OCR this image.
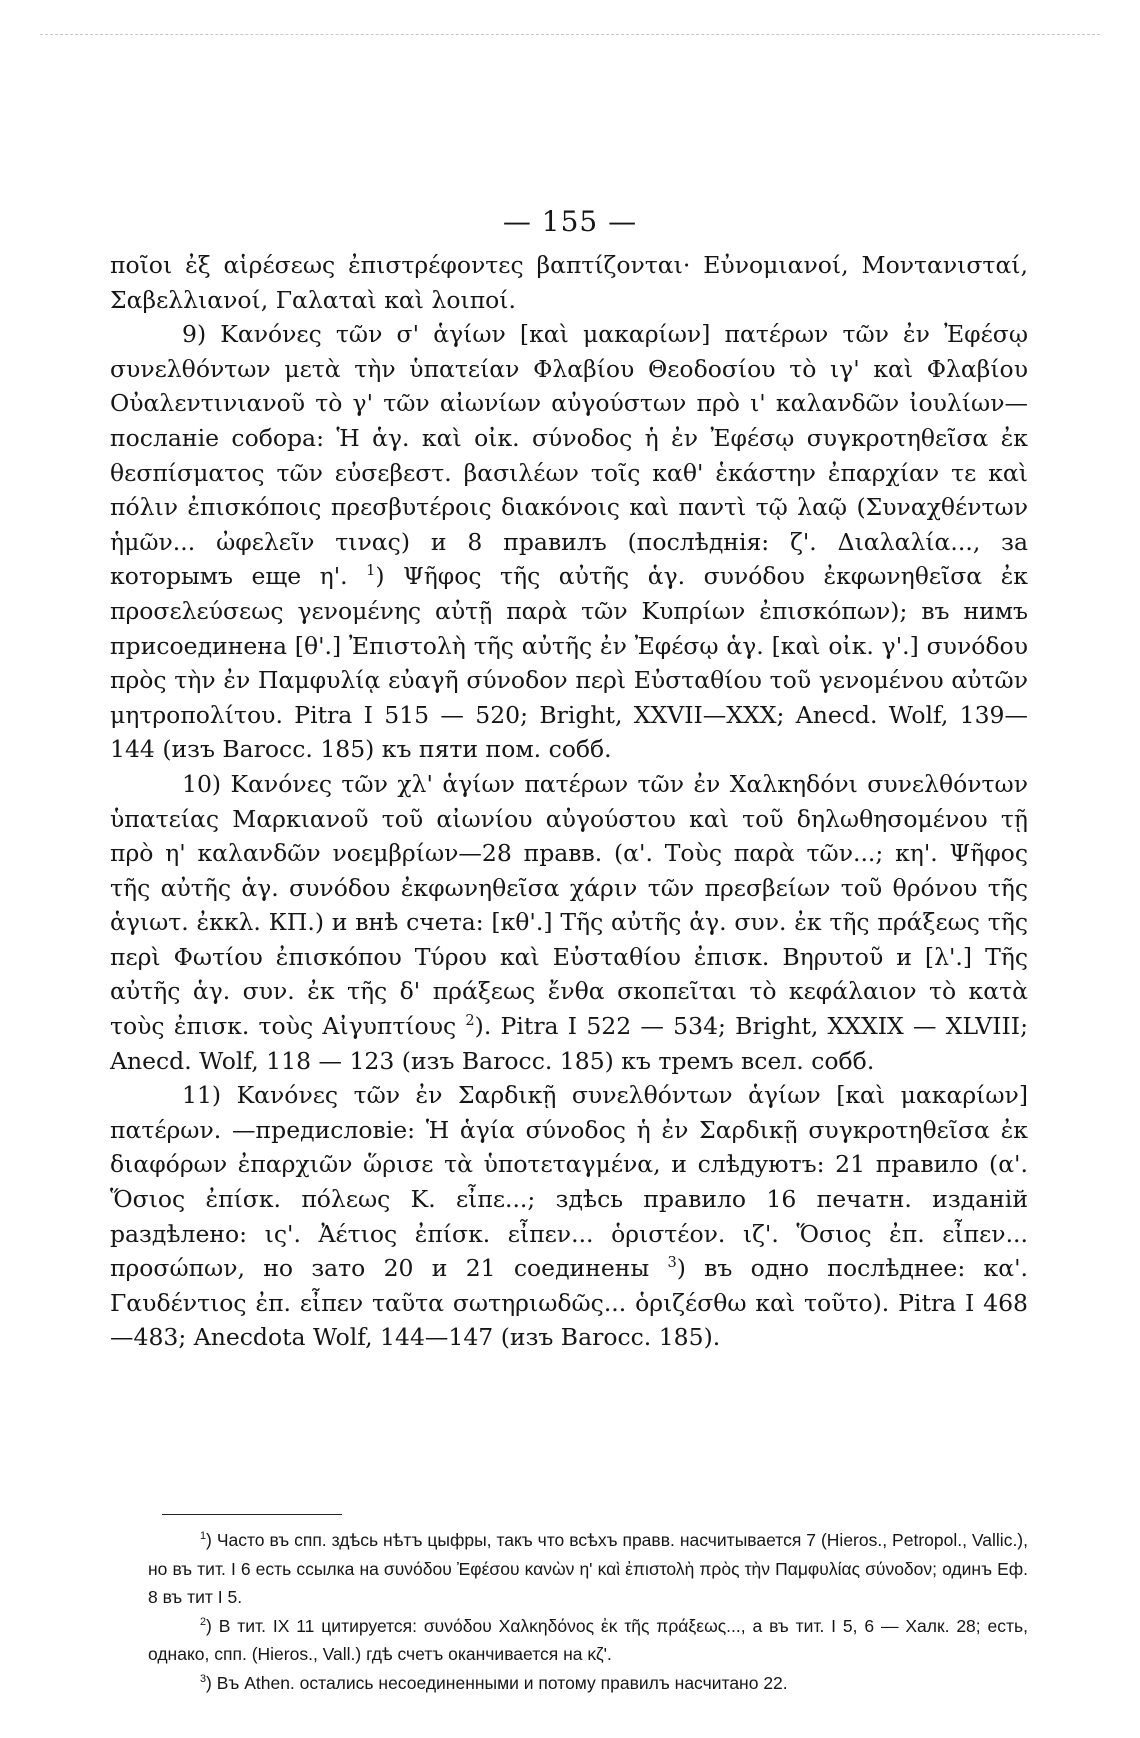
— 155 —

ποῖοι ἐξ αἱρέσεως ἐπιστρέφοντες βαπτίζονται· Εὐνομιανοί, Μοντανισταί, Σαβελλιανοί, Γαλαταὶ καὶ λοιποί.

9) Κανόνες τῶν σ' ἁγίων [καὶ μακαρίων] πατέρων τῶν ἐν Ἐφέσῳ συνελθόντων μετὰ τὴν ὑπατείαν Φλαβίου Θεοδοσίου τὸ ιγ' καὶ Φλαβίου Οὐαλεντινιανοῦ τὸ γ' τῶν αἰωνίων αὐγούστων πρὸ ι' καλανδῶν ἰουλίων— посланіе собора: Ἡ ἁγ. καὶ οἰκ. σύνοδος ἡ ἐν Ἐφέσῳ συγκροτηθεῖσα ἐκ θεσπίσματος τῶν εὐσεβεστ. βασιλέων τοῖς καθ' ἑκάστην ἐπαρχίαν τε καὶ πόλιν ἐπισκόποις πρεσβυτέροις διακόνοις καὶ παντὶ τῷ λαῷ (Συναχθέντων ἡμῶν... ὠφελεῖν τινας) и 8 правилъ (послѣднія: ζ'. Διαλαλία..., за которымъ еще η'. $^1$) Ψῆφος τῆς αὐτῆς ἁγ. συνόδου ἐκφωνηθεῖσα ἐκ προσελεύσεως γενομένης αὐτῇ παρὰ τῶν Κυπρίων ἐπισκόπων); въ нимъ присоединена [θ'.] Ἐπιστολὴ τῆς αὐτῆς ἐν Ἐφέσῳ ἁγ. [καὶ οἰκ. γ'.] συνόδου πρὸς τὴν ἐν Παμφυλίᾳ εὐαγῆ σύνοδον περὶ Εὐσταθίου τοῦ γενομένου αὐτῶν μητροπολίτου. Pitra I 515 — 520; Bright, XXVII—XXX; Anecd. Wolf, 139—144 (изъ Barocc. 185) къ пяти пом. собб.

10) Κανόνες τῶν χλ' ἁγίων πατέρων τῶν ἐν Χαλκηδόνι συνελθόντων ὑπατείας Μαρκιανοῦ τοῦ αἰωνίου αὐγούστου καὶ τοῦ δηλωθησομένου τῇ πρὸ η' καλανδῶν νοεμβρίων—28 правв. (α'. Τοὺς παρὰ τῶν...; κη'. Ψῆφος τῆς αὐτῆς ἁγ. συνόδου ἐκφωνηθεῖσα χάριν τῶν πρεσβείων τοῦ θρόνου τῆς ἁγιωτ. ἐκκλ. КП.) и внѣ счета: [κθ'.] Τῆς αὐτῆς ἁγ. συν. ἐκ τῆς πράξεως τῆς περὶ Φωτίου ἐπισκόπου Τύρου καὶ Εὐσταθίου ἐπισκ. Βηρυτοῦ и [λ'.] Τῆς αὐτῆς ἁγ. συν. ἐκ τῆς δ' πράξεως ἔνθα σκοπεῖται τὸ κεφάλαιον τὸ κατὰ τοὺς ἐπισκ. τοὺς Αἰγυπτίους $^2$). Pitra I 522 — 534; Bright, XXXIX — XLVIII; Anecd. Wolf, 118 — 123 (изъ Barocc. 185) къ тремъ всел. собб.

11) Κανόνες τῶν ἐν Σαρδικῇ συνελθόντων ἁγίων [καὶ μακαρίων] πατέρων. —предисловіе: Ἡ ἁγία σύνοδος ἡ ἐν Σαρδικῇ συγκροτηθεῖσα ἐκ διαφόρων ἐπαρχιῶν ὥρισε τὰ ὑποτεταγμένα, и слѣдуютъ: 21 правило (α'. Ὅσιος ἐπίσκ. πόλεως Κ. εἶπε...; здѣсь правило 16 печатн. изданій раздѣлено: ις'. Ἀέτιος ἐπίσκ. εἶπεν... ὁριστέον. ιζ'. Ὅσιος ἐπ. εἶπεν... προσώπων, но зато 20 и 21 соединены $^3$) въ одно послѣднее: κα'. Γαυδέντιος ἐπ. εἶπεν ταῦτα σωτηριωδῶς... ὁριζέσθω καὶ τοῦτο). Pitra I 468—483; Anecdota Wolf, 144—147 (изъ Barocc. 185).

$^1$) Часто въ спп. здѣсь нѣтъ цыфры, такъ что всѣхъ правв. насчитывается 7 (Hieros., Petropol., Vallic.), но въ тит. I 6 есть ссылка на συνόδου Ἐφέσου κανὼν η' καὶ ἐπιστολὴ πρὸς τὴν Παμφυλίας σύνοδον; одинъ Еф. 8 въ тит I 5.

$^2$) В тит. IX 11 цитируется: συνόδου Χαλκηδόνος ἐκ τῆς πράξεως..., а въ тит. I 5, 6 — Халк. 28; есть, однако, спп. (Hieros., Vall.) гдѣ счетъ оканчивается на κζ'.

$^3$) Въ Athen. остались несоединенными и потому правилъ насчитано 22.
